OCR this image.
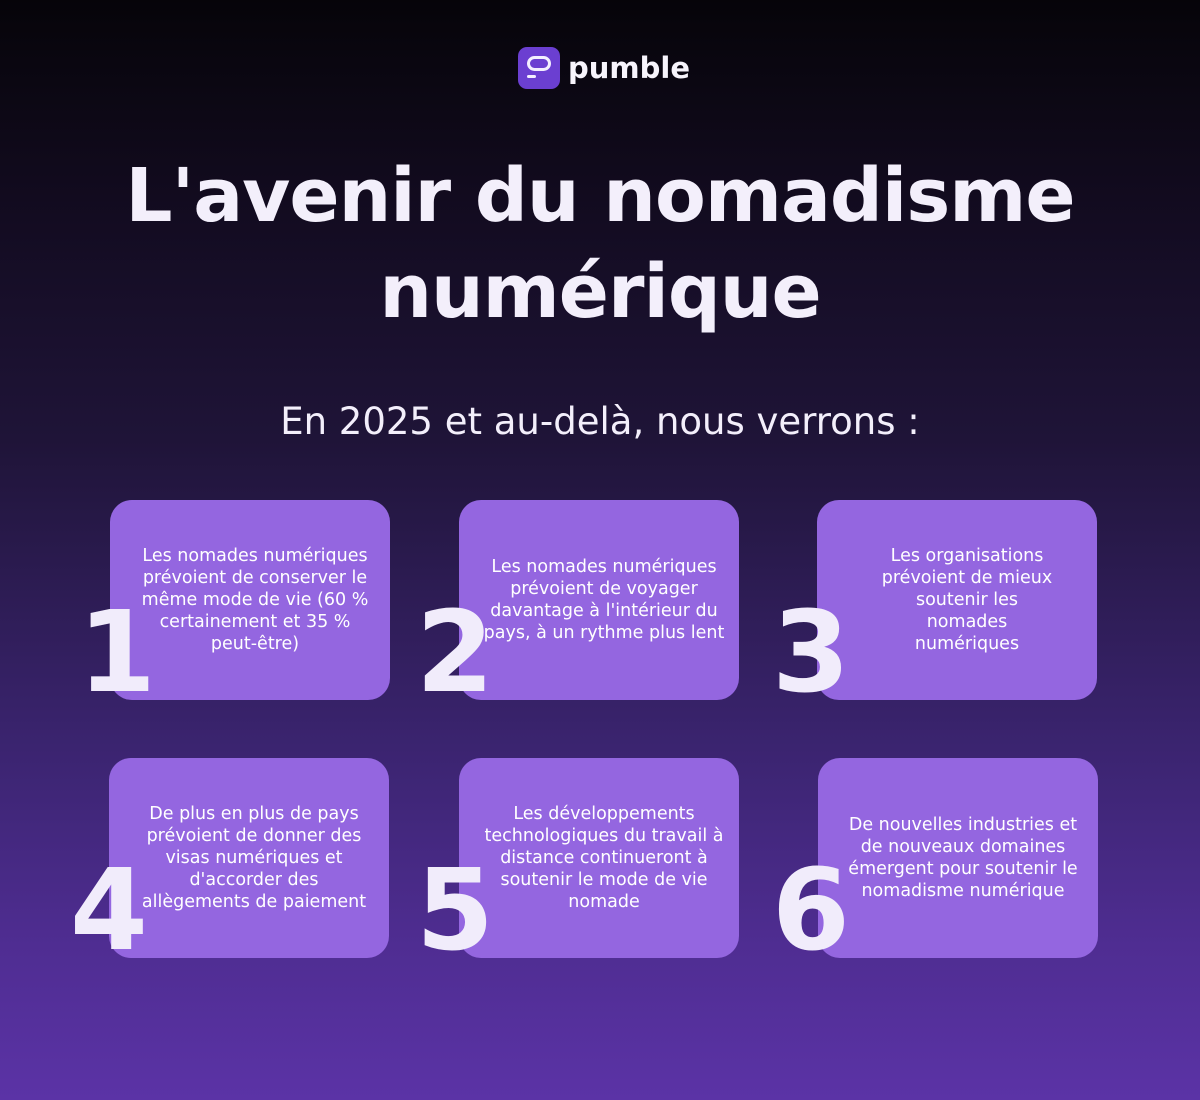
pumble
L'avenir du nomadisme
numérique
En 2025 et au-delà, nous verrons :
Les nomades numériques prévoient de conserver le même mode de vie (60 % certainement et 35 % peut-être)
1
Les nomades numériques prévoient de voyager davantage à l'intérieur du pays, à un rythme plus lent
2
Les organisations prévoient de mieux soutenir les nomades numériques
3
De plus en plus de pays prévoient de donner des visas numériques et d'accorder des allègements de paiement
4
Les développements technologiques du travail à distance continueront à soutenir le mode de vie nomade
5
De nouvelles industries et de nouveaux domaines émergent pour soutenir le nomadisme numérique
6
